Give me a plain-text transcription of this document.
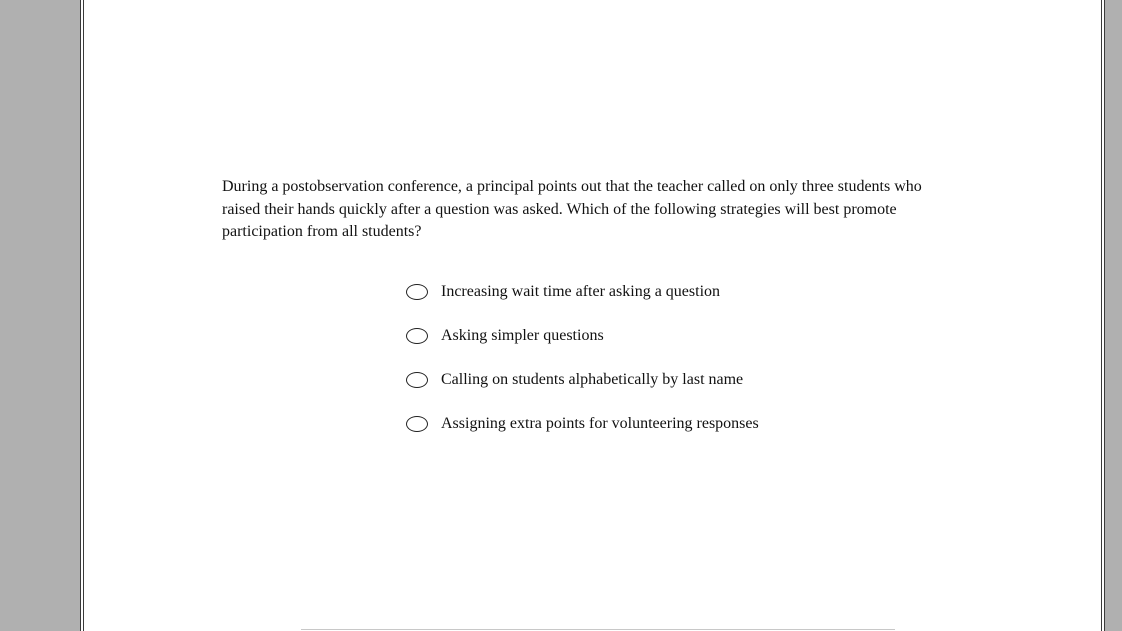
During a postobservation conference, a principal points out that the teacher called on only three students who raised their hands quickly after a question was asked. Which of the following strategies will best promote participation from all students?

Increasing wait time after asking a question
Asking simpler questions
Calling on students alphabetically by last name
Assigning extra points for volunteering responses
